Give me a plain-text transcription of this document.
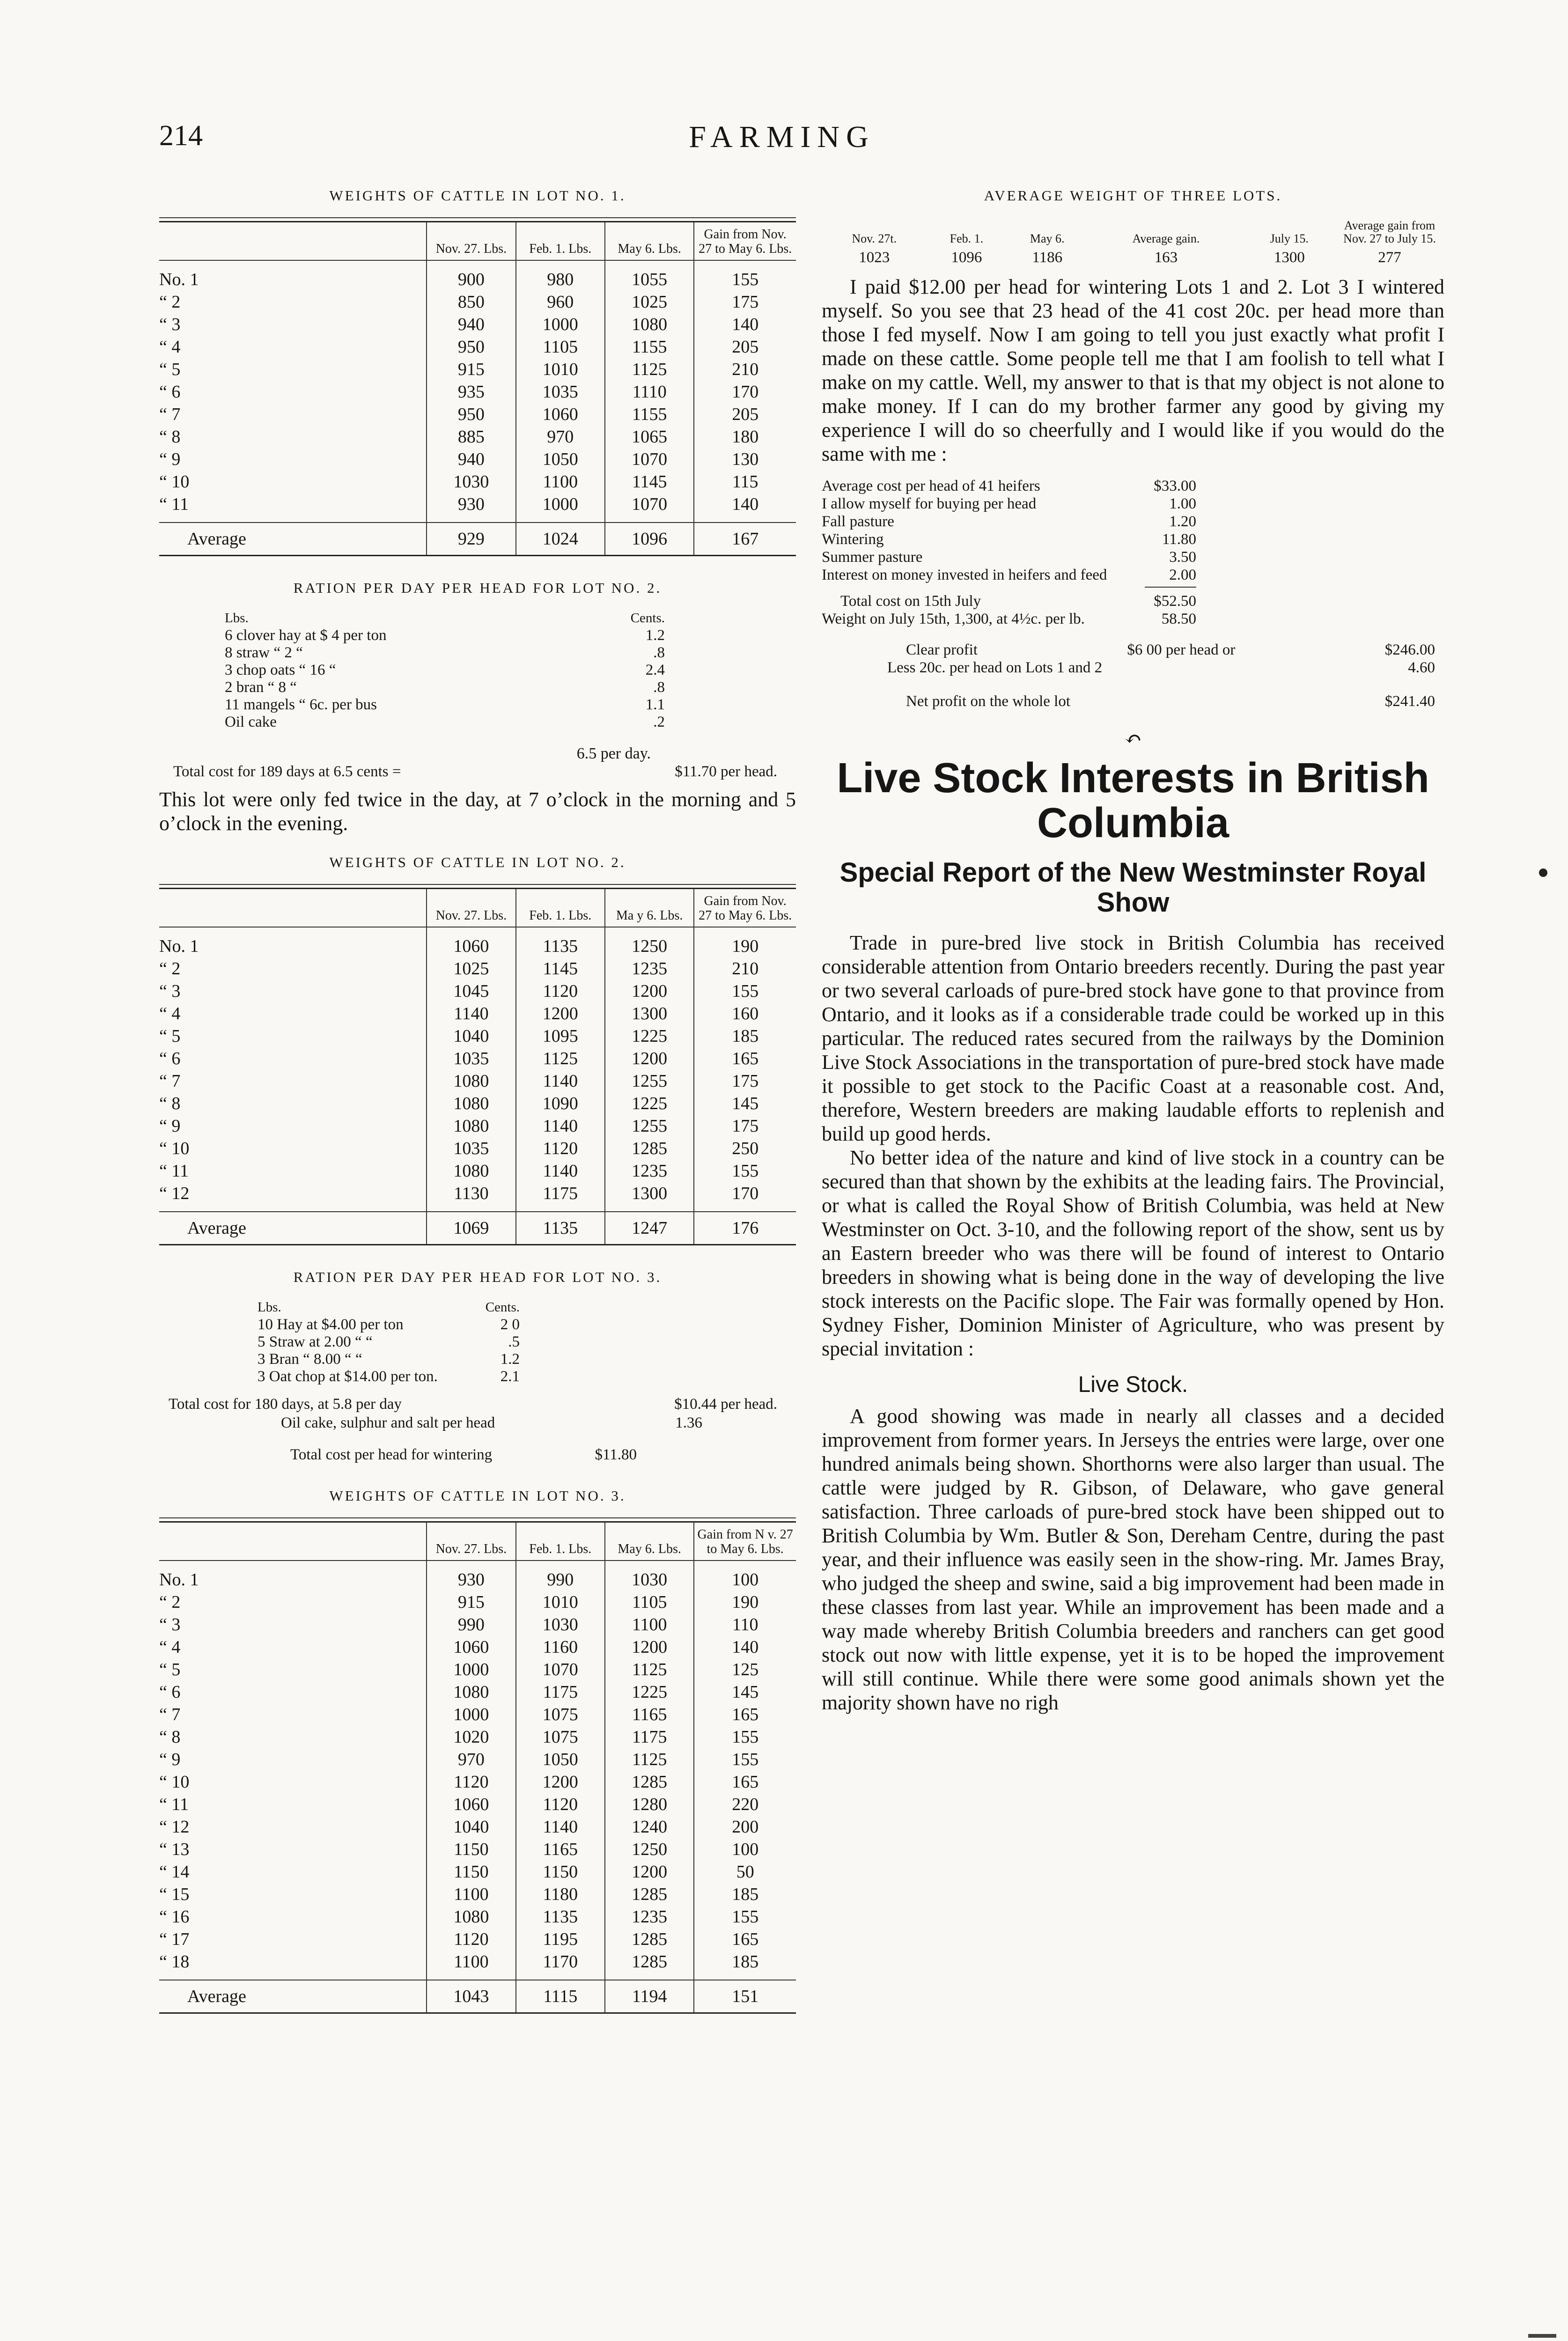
214	FARMING
WEIGHTS OF CATTLE IN LOT NO. 1.
	Nov. 27. Lbs.	Feb. 1. Lbs.	May 6. Lbs.	Gain from Nov. 27 to May 6. Lbs.
No. 1	900	980	1055	155
“ 2	850	960	1025	175
“ 3	940	1000	1080	140
“ 4	950	1105	1155	205
“ 5	915	1010	1125	210
“ 6	935	1035	1110	170
“ 7	950	1060	1155	205
“ 8	885	970	1065	180
“ 9	940	1050	1070	130
“ 10	1030	1100	1145	115
“ 11	930	1000	1070	140
Average	929	1024	1096	167
RATION PER DAY PER HEAD FOR LOT NO. 2.
Lbs.	Cents.
6 clover hay at $ 4 per ton	1.2
8 straw “ 2 “	.8
3 chop oats “ 16 “	2.4
2 bran “ 8 “	.8
11 mangels “ 6c. per bus	1.1
Oil cake	.2
6.5 per day.
Total cost for 189 days at 6.5 cents =	$11.70 per head.

This lot were only fed twice in the day, at 7 o’clock in the morning and 5 o’clock in the evening.

WEIGHTS OF CATTLE IN LOT NO. 2.
	Nov. 27. Lbs.	Feb. 1. Lbs.	Ma y 6. Lbs.	Gain from Nov. 27 to May 6. Lbs.
No. 1	1060	1135	1250	190
“ 2	1025	1145	1235	210
“ 3	1045	1120	1200	155
“ 4	1140	1200	1300	160
“ 5	1040	1095	1225	185
“ 6	1035	1125	1200	165
“ 7	1080	1140	1255	175
“ 8	1080	1090	1225	145
“ 9	1080	1140	1255	175
“ 10	1035	1120	1285	250
“ 11	1080	1140	1235	155
“ 12	1130	1175	1300	170
Average	1069	1135	1247	176
RATION PER DAY PER HEAD FOR LOT NO. 3.
Lbs.	Cents.
10 Hay at $4.00 per ton	2 0
5 Straw at 2.00 “ “	.5
3 Bran “ 8.00 “ “	1.2
3 Oat chop at $14.00 per ton.	2.1
Total cost for 180 days, at 5.8 per day	$10.44 per head.
Oil cake, sulphur and salt per head	1.36
Total cost per head for wintering	$11.80
WEIGHTS OF CATTLE IN LOT NO. 3.
	Nov. 27. Lbs.	Feb. 1. Lbs.	May 6. Lbs.	Gain from N v. 27 to May 6. Lbs.
No. 1	930	990	1030	100
“ 2	915	1010	1105	190
“ 3	990	1030	1100	110
“ 4	1060	1160	1200	140
“ 5	1000	1070	1125	125
“ 6	1080	1175	1225	145
“ 7	1000	1075	1165	165
“ 8	1020	1075	1175	155
“ 9	970	1050	1125	155
“ 10	1120	1200	1285	165
“ 11	1060	1120	1280	220
“ 12	1040	1140	1240	200
“ 13	1150	1165	1250	100
“ 14	1150	1150	1200	50
“ 15	1100	1180	1285	185
“ 16	1080	1135	1235	155
“ 17	1120	1195	1285	165
“ 18	1100	1170	1285	185
Average	1043	1115	1194	151
AVERAGE WEIGHT OF THREE LOTS.
Nov. 27t.	Feb. 1.	May 6.	Average gain.	July 15.	Average gain from Nov. 27 to July 15.
1023	1096	1186	163	1300	277

I paid $12.00 per head for wintering Lots 1 and 2. Lot 3 I wintered myself. So you see that 23 head of the 41 cost 20c. per head more than those I fed myself. Now I am going to tell you just exactly what profit I made on these cattle. Some people tell me that I am foolish to tell what I make on my cattle. Well, my answer to that is that my object is not alone to make money. If I can do my brother farmer any good by giving my experience I will do so cheerfully and I would like if you would do the same with me :

Average cost per head of 41 heifers	$33.00
I allow myself for buying per head	1.00
Fall pasture	1.20
Wintering	11.80
Summer pasture	3.50
Interest on money invested in heifers and feed	2.00
Total cost on 15th July	$52.50
Weight on July 15th, 1,300, at 4½c. per lb.	58.50
Clear profit	$6 00 per head or	$246.00
Less 20c. per head on Lots 1 and 2	4.60
Net profit on the whole lot	$241.40
↶
Live Stock Interests in British Columbia
Special Report of the New Westminster Royal Show

Trade in pure-bred live stock in British Columbia has received considerable attention from Ontario breeders recently. During the past year or two several carloads of pure-bred stock have gone to that province from Ontario, and it looks as if a considerable trade could be worked up in this particular. The reduced rates secured from the railways by the Dominion Live Stock Associations in the transportation of pure-bred stock have made it possible to get stock to the Pacific Coast at a reasonable cost. And, therefore, Western breeders are making laudable efforts to replenish and build up good herds.

No better idea of the nature and kind of live stock in a country can be secured than that shown by the exhibits at the leading fairs. The Provincial, or what is called the Royal Show of British Columbia, was held at New Westminster on Oct. 3-10, and the following report of the show, sent us by an Eastern breeder who was there will be found of interest to Ontario breeders in showing what is being done in the way of developing the live stock interests on the Pacific slope. The Fair was formally opened by Hon. Sydney Fisher, Dominion Minister of Agriculture, who was present by special invitation :

Live Stock.

A good showing was made in nearly all classes and a decided improvement from former years. In Jerseys the entries were large, over one hundred animals being shown. Shorthorns were also larger than usual. The cattle were judged by R. Gibson, of Delaware, who gave general satisfaction. Three carloads of pure-bred stock have been shipped out to British Columbia by Wm. Butler & Son, Dereham Centre, during the past year, and their influence was easily seen in the show-ring. Mr. James Bray, who judged the sheep and swine, said a big improvement had been made in these classes from last year. While an improvement has been made and a way made whereby British Columbia breeders and ranchers can get good stock out now with little expense, yet it is to be hoped the improvement will still continue. While there were some good animals shown yet the majority shown have no righ
